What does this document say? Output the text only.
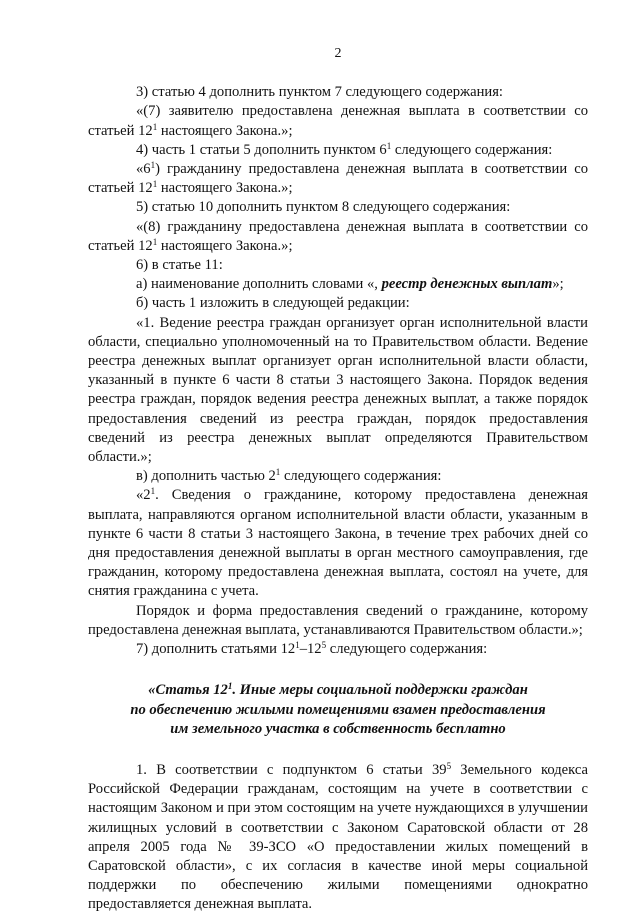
2

3) статью 4 дополнить пунктом 7 следующего содержания:

«(7) заявителю предоставлена денежная выплата в соответствии со статьей $12^1$ настоящего Закона.»;

4) часть 1 статьи 5 дополнить пунктом $6^1$ следующего содержания:

«$6^1$) гражданину предоставлена денежная выплата в соответствии со статьей $12^1$ настоящего Закона.»;

5) статью 10 дополнить пунктом 8 следующего содержания:

«(8) гражданину предоставлена денежная выплата в соответствии со статьей $12^1$ настоящего Закона.»;

6) в статье 11:

а) наименование дополнить словами «, реестр денежных выплат»;

б) часть 1 изложить в следующей редакции:

«1. Ведение реестра граждан организует орган исполнительной власти области, специально уполномоченный на то Правительством области. Ведение реестра денежных выплат организует орган исполнительной власти области, указанный в пункте 6 части 8 статьи 3 настоящего Закона. Порядок ведения реестра граждан, порядок ведения реестра денежных выплат, а также порядок предоставления сведений из реестра граждан, порядок предоставления сведений из реестра денежных выплат определяются Правительством области.»;

в) дополнить частью $2^1$ следующего содержания:

«$2^1$. Сведения о гражданине, которому предоставлена денежная выплата, направляются органом исполнительной власти области, указанным в пункте 6 части 8 статьи 3 настоящего Закона, в течение трех рабочих дней со дня предоставления денежной выплаты в орган местного самоуправления, где гражданин, которому предоставлена денежная выплата, состоял на учете, для снятия гражданина с учета.

Порядок и форма предоставления сведений о гражданине, которому предоставлена денежная выплата, устанавливаются Правительством области.»;

7) дополнить статьями $12^1-12^5$ следующего содержания:

«Статья $12^1$. Иные меры социальной поддержки граждан
по обеспечению жилыми помещениями взамен предоставления
им земельного участка в собственность бесплатно

1. В соответствии с подпунктом 6 статьи $39^5$ Земельного кодекса Российской Федерации гражданам, состоящим на учете в соответствии с настоящим Законом и при этом состоящим на учете нуждающихся в улучшении жилищных условий в соответствии с Законом Саратовской области от 28 апреля 2005 года № 39-ЗСО «О предоставлении жилых помещений в Саратовской области», с их согласия в качестве иной меры социальной поддержки по обеспечению жилыми помещениями однократно предоставляется денежная выплата.
